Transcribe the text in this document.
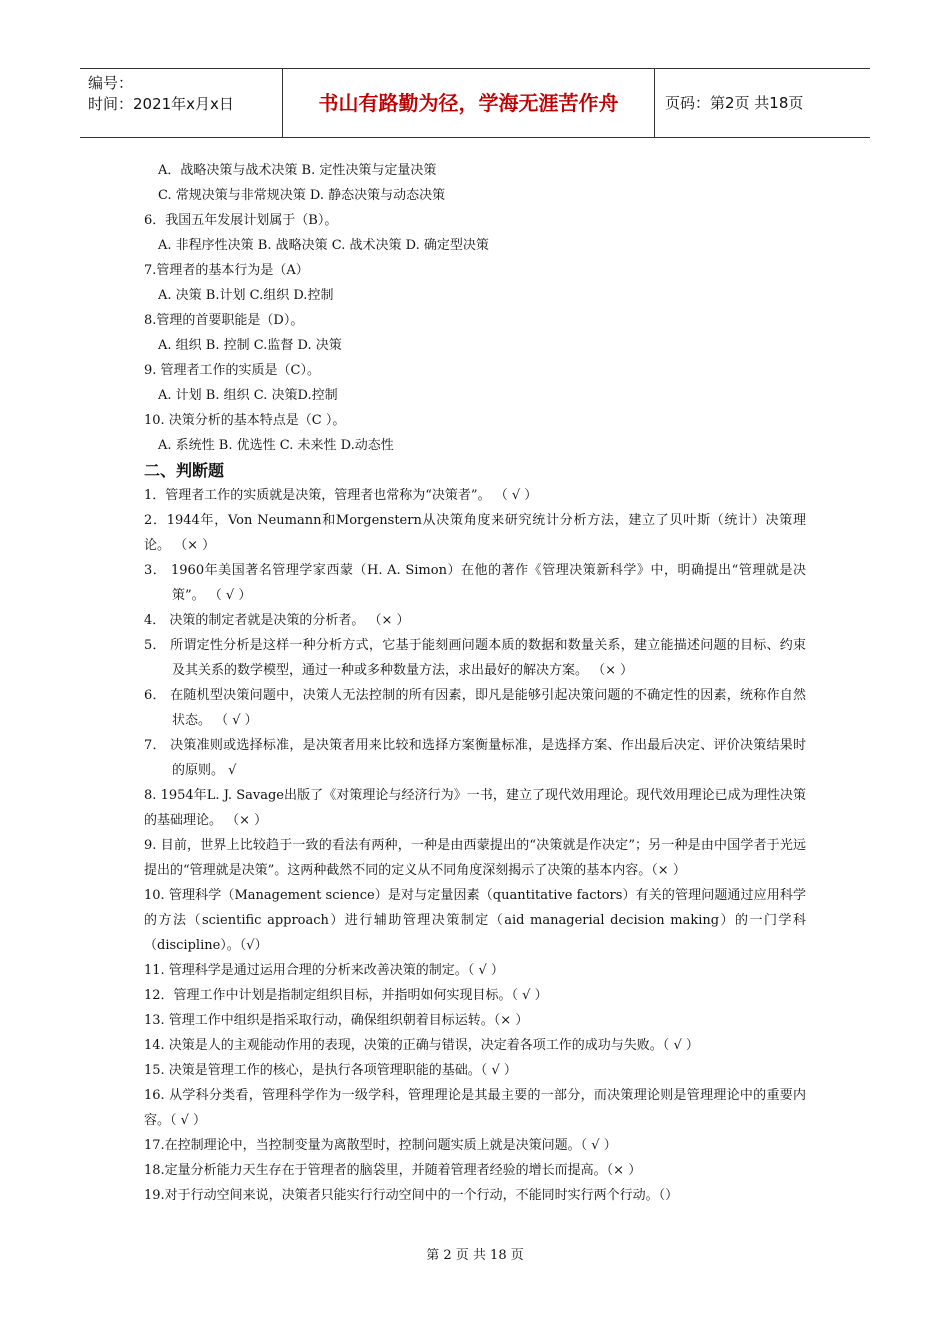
编号：
时间：2021年x月x日	书山有路勤为径，学海无涯苦作舟	页码：第2页 共18页
A．战略决策与战术决策 B. 定性决策与定量决策
C. 常规决策与非常规决策 D. 静态决策与动态决策
6．我国五年发展计划属于（B）。
A. 非程序性决策 B. 战略决策 C. 战术决策 D. 确定型决策
7.管理者的基本行为是（A）
A. 决策 B.计划 C.组织 D.控制
8.管理的首要职能是（D）。
A. 组织 B. 控制 C.监督 D. 决策
9. 管理者工作的实质是（C）。
A. 计划 B. 组织 C. 决策D.控制
10. 决策分析的基本特点是（C ）。
A. 系统性 B. 优选性 C. 未来性 D.动态性
二、判断题
1．管理者工作的实质就是决策，管理者也常称为“决策者”。 （ √ ）
2．1944年，Von Neumann和Morgenstern从决策角度来研究统计分析方法，建立了贝叶斯（统计）决策理论。 （× ）
3． 1960年美国著名管理学家西蒙（H. A. Simon）在他的著作《管理决策新科学》中，明确提出“管理就是决策”。 （ √ ）
4． 决策的制定者就是决策的分析者。 （× ）
5． 所谓定性分析是这样一种分析方式，它基于能刻画问题本质的数据和数量关系，建立能描述问题的目标、约束及其关系的数学模型，通过一种或多种数量方法，求出最好的解决方案。 （× ）
6． 在随机型决策问题中，决策人无法控制的所有因素，即凡是能够引起决策问题的不确定性的因素，统称作自然状态。 （ √ ）
7． 决策准则或选择标准，是决策者用来比较和选择方案衡量标准，是选择方案、作出最后决定、评价决策结果时的原则。 √
8. 1954年L. J. Savage出版了《对策理论与经济行为》一书，建立了现代效用理论。现代效用理论已成为理性决策的基础理论。 （× ）
9. 目前，世界上比较趋于一致的看法有两种，一种是由西蒙提出的“决策就是作决定”；另一种是由中国学者于光远提出的“管理就是决策”。这两种截然不同的定义从不同角度深刻揭示了决策的基本内容。（× ）
10. 管理科学（Management science）是对与定量因素（quantitative factors）有关的管理问题通过应用科学的方法（scientific approach）进行辅助管理决策制定（aid managerial decision making）的一门学科（discipline）。（√）
11. 管理科学是通过运用合理的分析来改善决策的制定。（ √ ）
12．管理工作中计划是指制定组织目标，并指明如何实现目标。（ √ ）
13. 管理工作中组织是指采取行动，确保组织朝着目标运转。（× ）
14. 决策是人的主观能动作用的表现，决策的正确与错误，决定着各项工作的成功与失败。（ √ ）
15. 决策是管理工作的核心，是执行各项管理职能的基础。（ √ ）
16. 从学科分类看，管理科学作为一级学科，管理理论是其最主要的一部分，而决策理论则是管理理论中的重要内容。（ √ ）
17.在控制理论中，当控制变量为离散型时，控制问题实质上就是决策问题。（ √ ）
18.定量分析能力天生存在于管理者的脑袋里，并随着管理者经验的增长而提高。（× ）
19.对于行动空间来说，决策者只能实行行动空间中的一个行动，不能同时实行两个行动。（）
第 2 页 共 18 页
